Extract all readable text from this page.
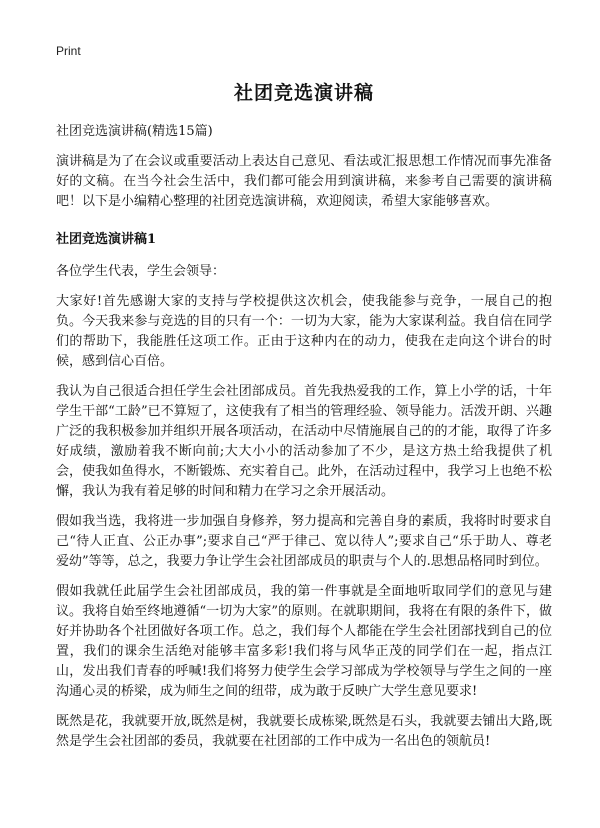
Print
社团竞选演讲稿
社团竞选演讲稿(精选15篇)
演讲稿是为了在会议或重要活动上表达自己意见、看法或汇报思想工作情况而事先准备好的文稿。在当今社会生活中，我们都可能会用到演讲稿，来参考自己需要的演讲稿吧！以下是小编精心整理的社团竞选演讲稿，欢迎阅读，希望大家能够喜欢。
社团竞选演讲稿1
各位学生代表，学生会领导：
大家好!首先感谢大家的支持与学校提供这次机会，使我能参与竞争，一展自己的抱负。今天我来参与竞选的目的只有一个：一切为大家，能为大家谋利益。我自信在同学们的帮助下，我能胜任这项工作。正由于这种内在的动力，使我在走向这个讲台的时候，感到信心百倍。
我认为自己很适合担任学生会社团部成员。首先我热爱我的工作，算上小学的话，十年学生干部“工龄”已不算短了，这使我有了相当的管理经验、领导能力。活泼开朗、兴趣广泛的我积极参加并组织开展各项活动，在活动中尽情施展自己的的才能，取得了许多好成绩，激励着我不断向前;大大小小的活动参加了不少，是这方热土给我提供了机会，使我如鱼得水，不断锻炼、充实着自己。此外，在活动过程中，我学习上也绝不松懈，我认为我有着足够的时间和精力在学习之余开展活动。
假如我当选，我将进一步加强自身修养，努力提高和完善自身的素质，我将时时要求自己“待人正直、公正办事”;要求自己“严于律己、宽以待人”;要求自己“乐于助人、尊老爱幼”等等，总之，我要力争让学生会社团部成员的职责与个人的.思想品格同时到位。
假如我就任此届学生会社团部成员，我的第一件事就是全面地听取同学们的意见与建议。我将自始至终地遵循“一切为大家”的原则。在就职期间，我将在有限的条件下，做好并协助各个社团做好各项工作。总之，我们每个人都能在学生会社团部找到自己的位置，我们的课余生活绝对能够丰富多彩!我们将与风华正茂的同学们在一起，指点江山，发出我们青春的呼喊!我们将努力使学生会学习部成为学校领导与学生之间的一座沟通心灵的桥梁，成为师生之间的纽带，成为敢于反映广大学生意见要求!
既然是花，我就要开放,既然是树，我就要长成栋梁,既然是石头，我就要去铺出大路,既然是学生会社团部的委员，我就要在社团部的工作中成为一名出色的领航员!
